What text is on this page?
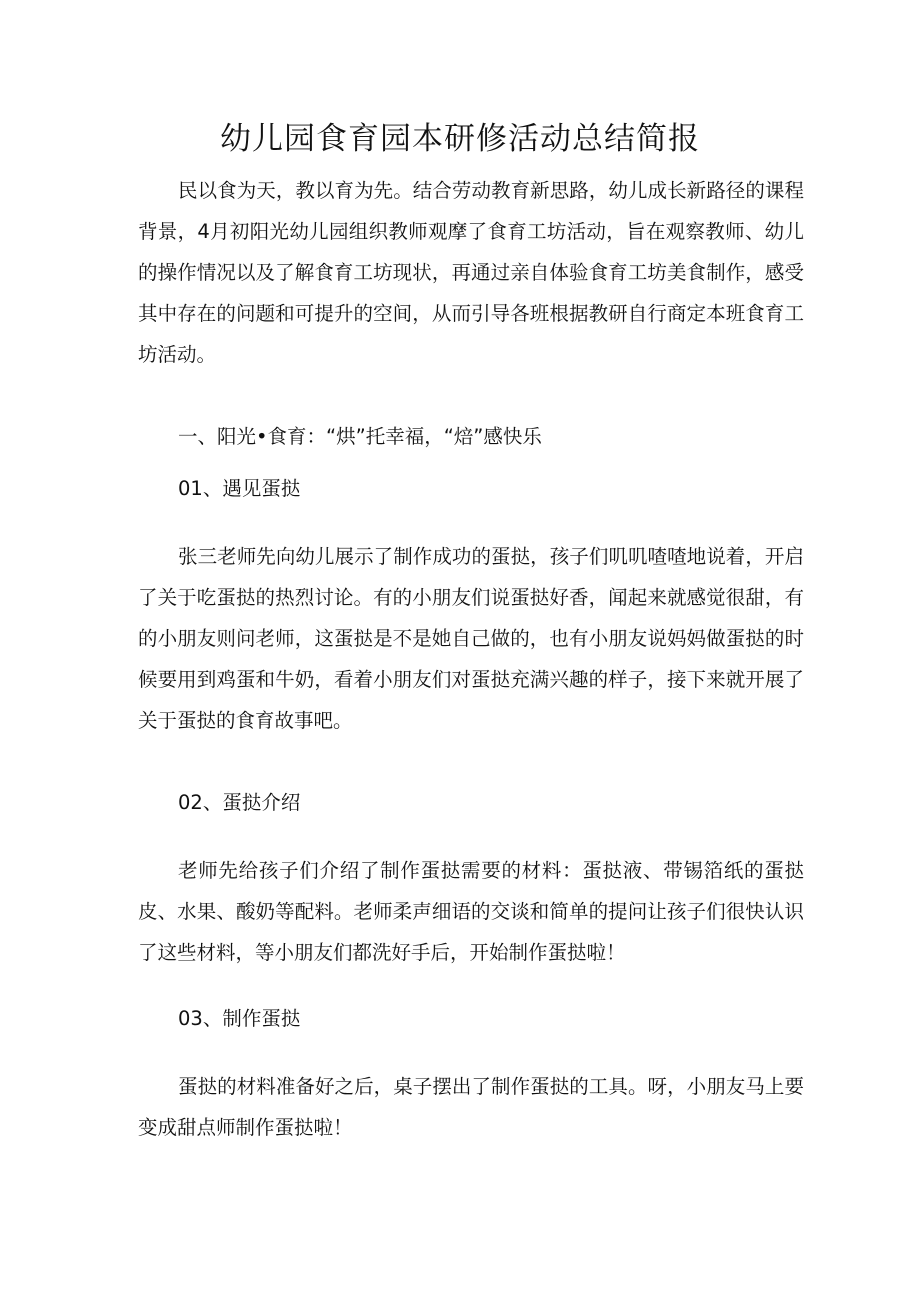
幼儿园食育园本研修活动总结简报

民以食为天，教以育为先。结合劳动教育新思路，幼儿成长新路径的课程背景，4月初阳光幼儿园组织教师观摩了食育工坊活动，旨在观察教师、幼儿的操作情况以及了解食育工坊现状，再通过亲自体验食育工坊美食制作，感受其中存在的问题和可提升的空间，从而引导各班根据教研自行商定本班食育工坊活动。

一、阳光•食育：“烘”托幸福，“焙”感快乐

01、遇见蛋挞

张三老师先向幼儿展示了制作成功的蛋挞，孩子们叽叽喳喳地说着，开启了关于吃蛋挞的热烈讨论。有的小朋友们说蛋挞好香，闻起来就感觉很甜，有的小朋友则问老师，这蛋挞是不是她自己做的，也有小朋友说妈妈做蛋挞的时候要用到鸡蛋和牛奶，看着小朋友们对蛋挞充满兴趣的样子，接下来就开展了关于蛋挞的食育故事吧。

02、蛋挞介绍

老师先给孩子们介绍了制作蛋挞需要的材料：蛋挞液、带锡箔纸的蛋挞皮、水果、酸奶等配料。老师柔声细语的交谈和简单的提问让孩子们很快认识了这些材料，等小朋友们都洗好手后，开始制作蛋挞啦！

03、制作蛋挞

蛋挞的材料准备好之后，桌子摆出了制作蛋挞的工具。呀，小朋友马上要变成甜点师制作蛋挞啦！
